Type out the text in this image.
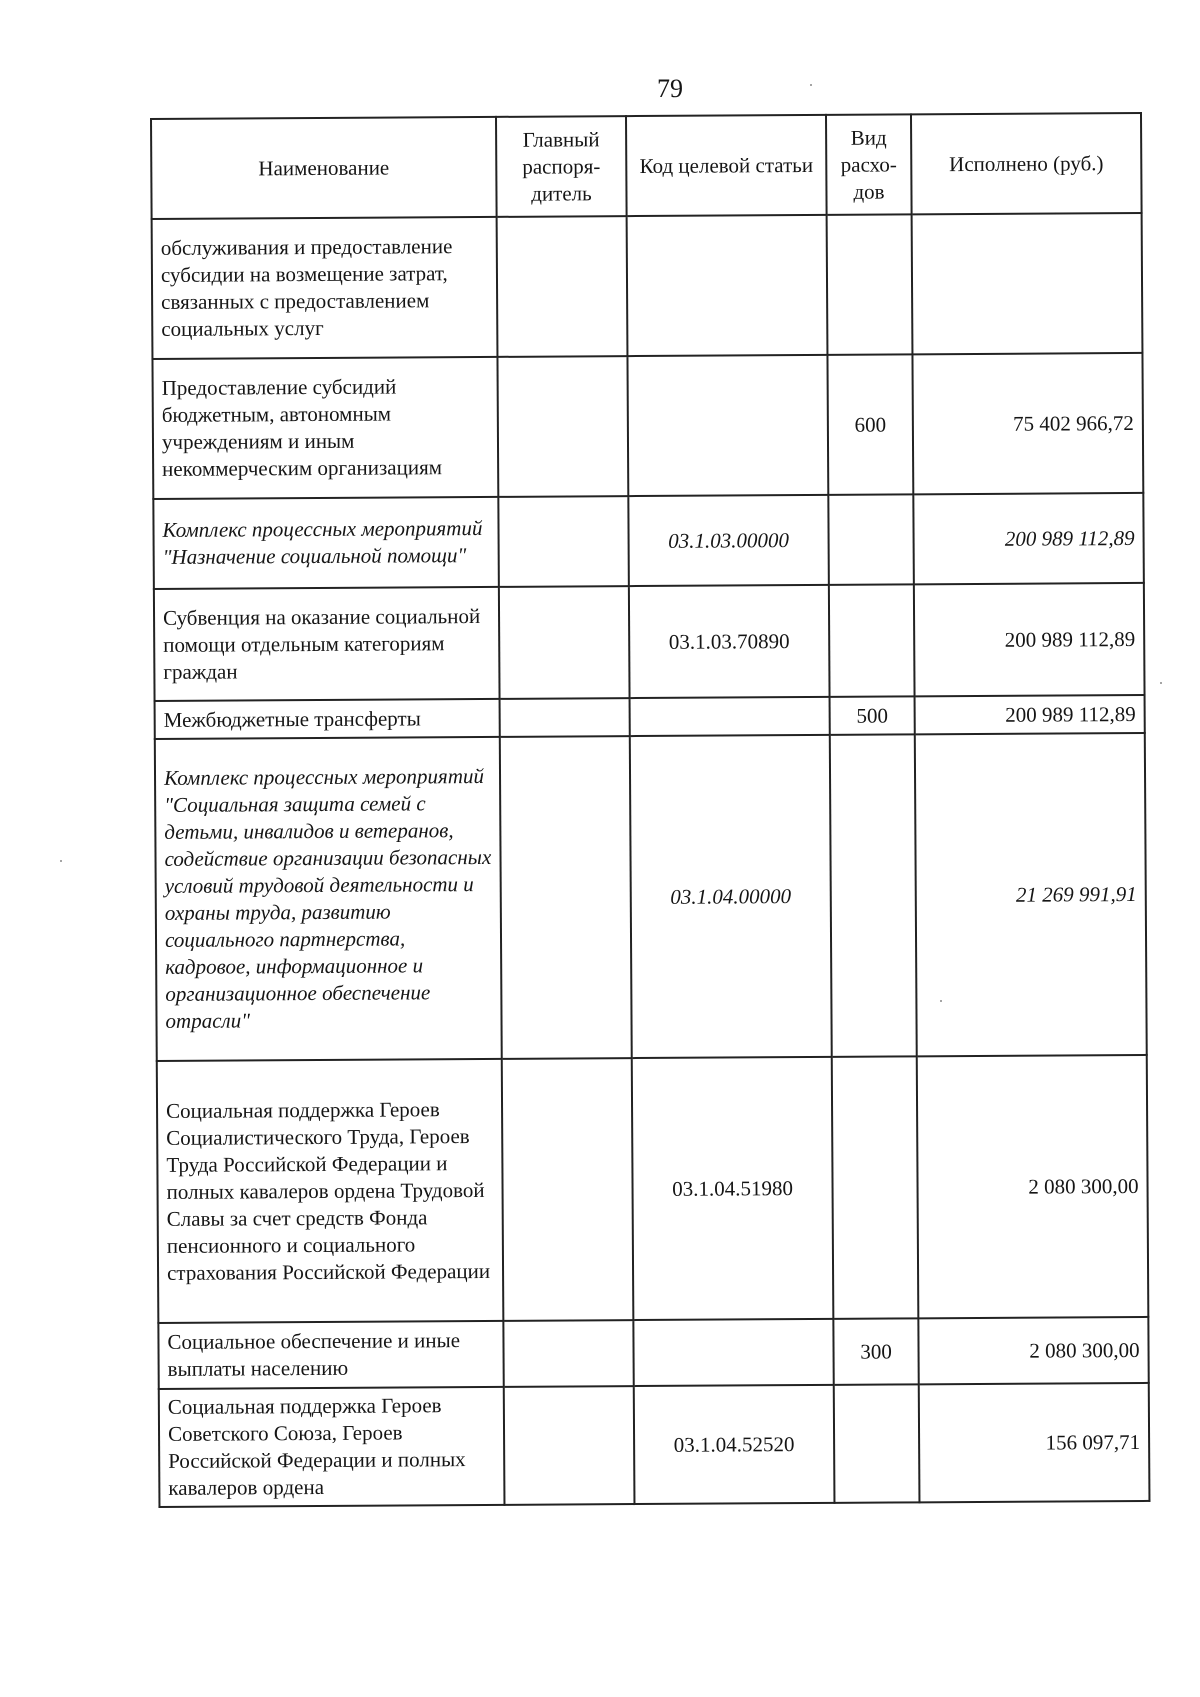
79
Наименование	Главный распоря-дитель	Код целевой статьи	Вид расхо-дов	Исполнено (руб.)
обслуживания и предоставление субсидии на возмещение затрат, связанных с предоставлением социальных услуг				
Предоставление субсидий бюджетным, автономным учреждениям и иным некоммерческим организациям			600	75 402 966,72
Комплекс процессных мероприятий "Назначение социальной помощи"		03.1.03.00000		200 989 112,89
Субвенция на оказание социальной помощи отдельным категориям граждан		03.1.03.70890		200 989 112,89
Межбюджетные трансферты			500	200 989 112,89
Комплекс процессных мероприятий "Социальная защита семей с детьми, инвалидов и ветеранов, содействие организации безопасных условий трудовой деятельности и охраны труда, развитию социального партнерства, кадровое, информационное и организационное обеспечение отрасли"		03.1.04.00000		21 269 991,91
Социальная поддержка Героев Социалистического Труда, Героев Труда Российской Федерации и полных кавалеров ордена Трудовой Славы за счет средств Фонда пенсионного и социального страхования Российской Федерации		03.1.04.51980		2 080 300,00
Социальное обеспечение и иные выплаты населению			300	2 080 300,00
Социальная поддержка Героев Советского Союза, Героев Российской Федерации и полных кавалеров ордена		03.1.04.52520		156 097,71
